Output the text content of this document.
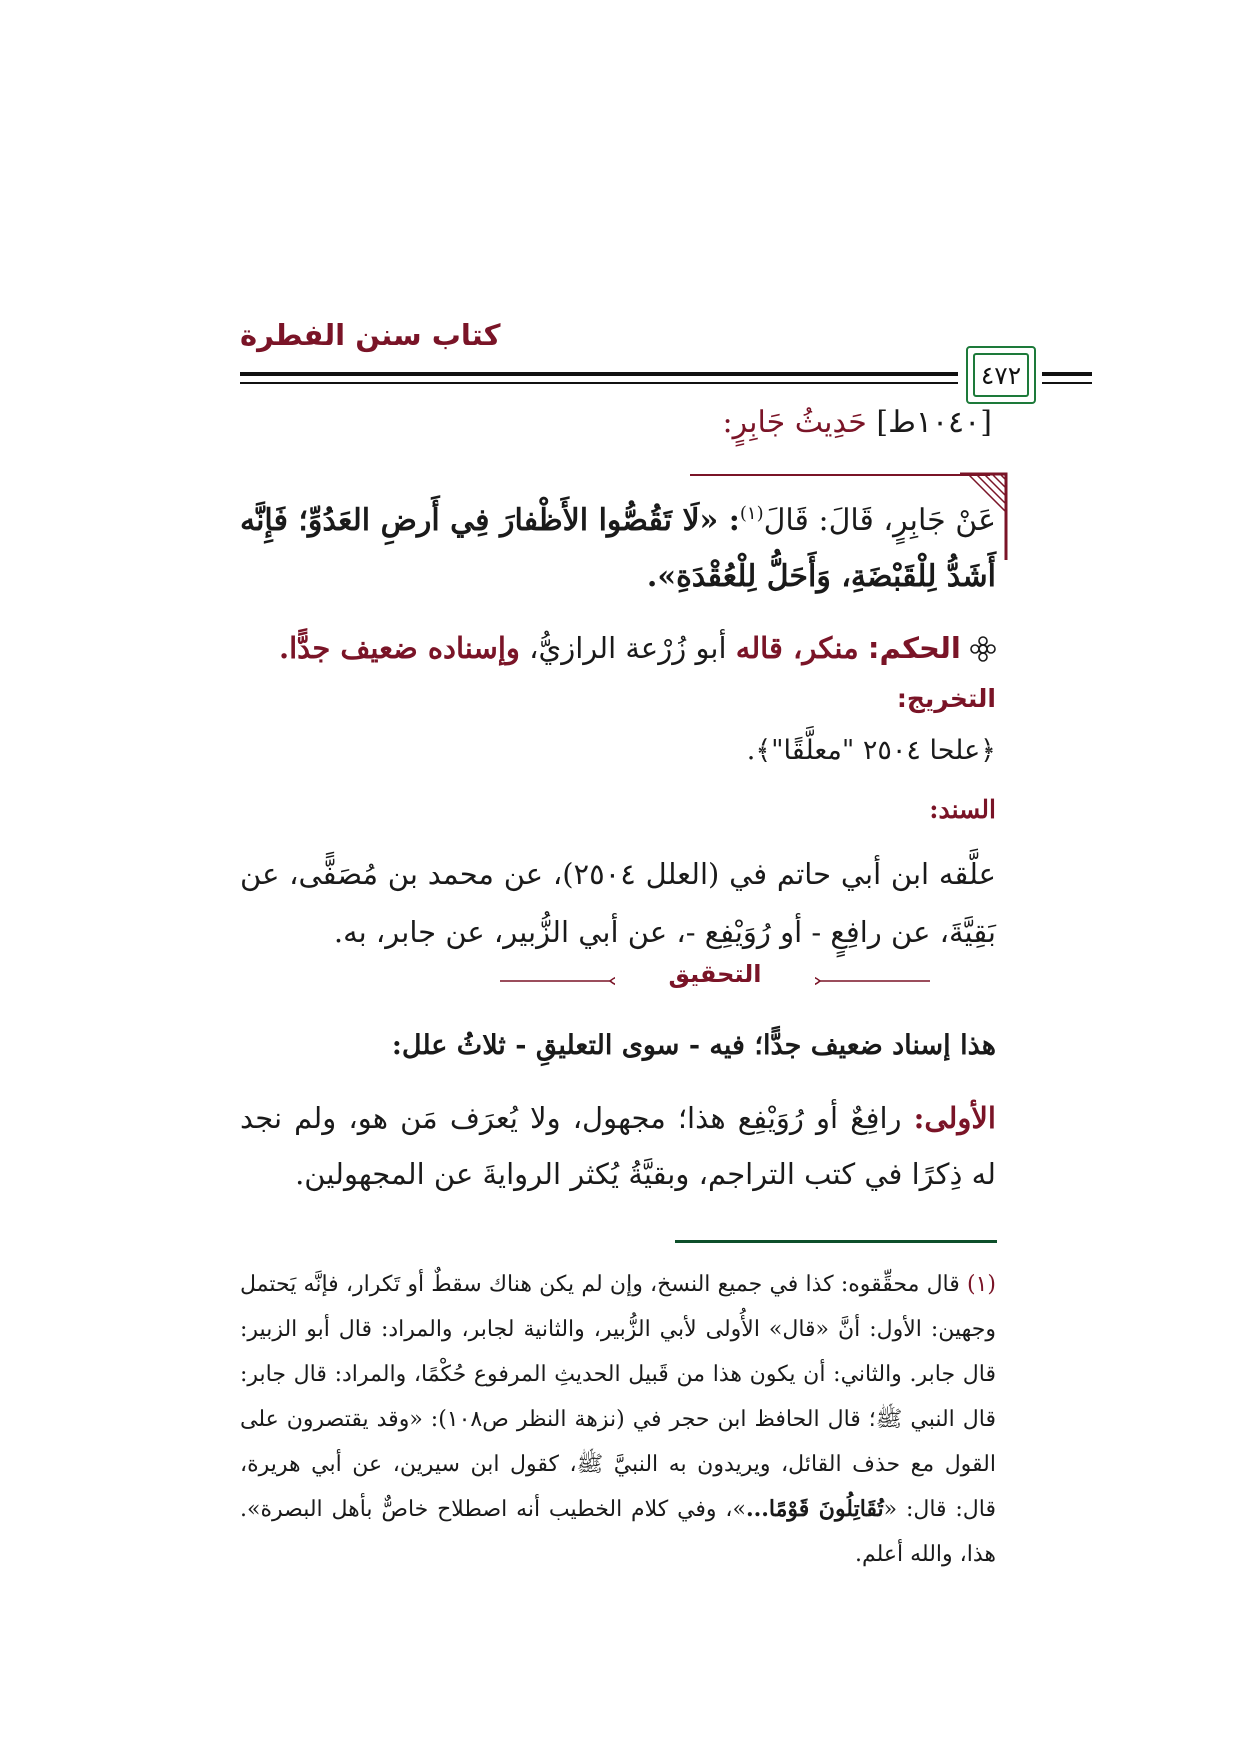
كتاب سنن الفطرة
٤٧٢
[١٠٤٠ط] حَدِيثُ جَابِرٍ:
عَنْ جَابِرٍ، قَالَ: قَالَ$^{(١)}$: «لَا تَقُصُّوا الأَظْفارَ فِي أَرضِ العَدُوِّ؛ فَإِنَّه أَشَدُّ لِلْقَبْضَةِ، وَأَحَلُّ لِلْعُقْدَةِ».
الحكم: منكر، قاله أبو زُرْعة الرازيُّ، وإسناده ضعيف جدًّا.
التخريج:
﴿علحا ٢٥٠٤ "معلَّقًا"﴾.
السند:
علَّقه ابن أبي حاتم في (العلل ٢٥٠٤)، عن محمد بن مُصَفًّى، عن بَقِيَّةَ، عن رافِعٍ - أو رُوَيْفِع -، عن أبي الزُّبير، عن جابر، به.
التحقيق
هذا إسناد ضعيف جدًّا؛ فيه - سوى التعليقِ - ثلاثُ علل:
الأولى: رافِعٌ أو رُوَيْفِع هذا؛ مجهول، ولا يُعرَف مَن هو، ولم نجد له ذِكرًا في كتب التراجم، وبقيَّةُ يُكثر الروايةَ عن المجهولين.
(١) قال محقِّقوه: كذا في جميع النسخ، وإن لم يكن هناك سقطٌ أو تَكرار، فإنَّه يَحتمل وجهين: الأول: أنَّ «قال» الأُولى لأبي الزُّبير، والثانية لجابر، والمراد: قال أبو الزبير: قال جابر. والثاني: أن يكون هذا من قَبيل الحديثِ المرفوع حُكْمًا، والمراد: قال جابر: قال النبي ﷺ؛ قال الحافظ ابن حجر في (نزهة النظر ص١٠٨): «وقد يقتصرون على القول مع حذف القائل، ويريدون به النبيَّ ﷺ، كقول ابن سيرين، عن أبي هريرة، قال: قال: «تُقَاتِلُونَ قَوْمًا...»، وفي كلام الخطيب أنه اصطلاح خاصٌّ بأهل البصرة». هذا، والله أعلم.
